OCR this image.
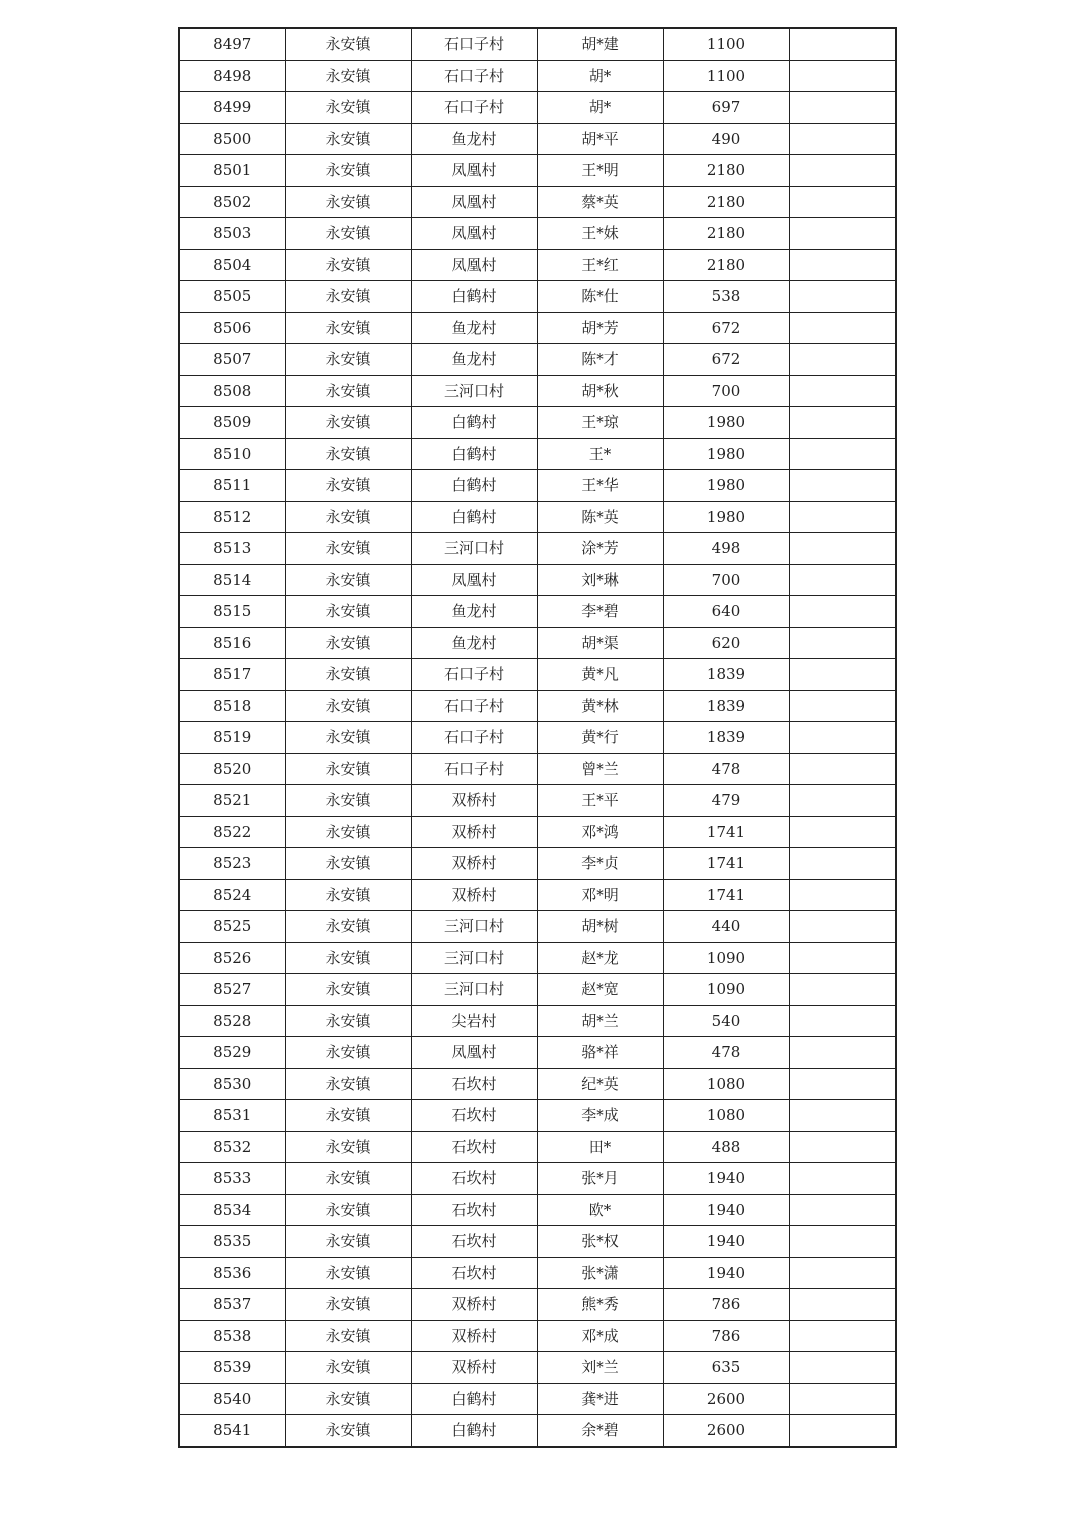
8497	永安镇	石口子村	胡*建	1100	
8498	永安镇	石口子村	胡*	1100	
8499	永安镇	石口子村	胡*	697	
8500	永安镇	鱼龙村	胡*平	490	
8501	永安镇	凤凰村	王*明	2180	
8502	永安镇	凤凰村	蔡*英	2180	
8503	永安镇	凤凰村	王*妹	2180	
8504	永安镇	凤凰村	王*红	2180	
8505	永安镇	白鹤村	陈*仕	538	
8506	永安镇	鱼龙村	胡*芳	672	
8507	永安镇	鱼龙村	陈*才	672	
8508	永安镇	三河口村	胡*秋	700	
8509	永安镇	白鹤村	王*琼	1980	
8510	永安镇	白鹤村	王*	1980	
8511	永安镇	白鹤村	王*华	1980	
8512	永安镇	白鹤村	陈*英	1980	
8513	永安镇	三河口村	涂*芳	498	
8514	永安镇	凤凰村	刘*琳	700	
8515	永安镇	鱼龙村	李*碧	640	
8516	永安镇	鱼龙村	胡*渠	620	
8517	永安镇	石口子村	黄*凡	1839	
8518	永安镇	石口子村	黄*林	1839	
8519	永安镇	石口子村	黄*行	1839	
8520	永安镇	石口子村	曾*兰	478	
8521	永安镇	双桥村	王*平	479	
8522	永安镇	双桥村	邓*鸿	1741	
8523	永安镇	双桥村	李*贞	1741	
8524	永安镇	双桥村	邓*明	1741	
8525	永安镇	三河口村	胡*树	440	
8526	永安镇	三河口村	赵*龙	1090	
8527	永安镇	三河口村	赵*宽	1090	
8528	永安镇	尖岩村	胡*兰	540	
8529	永安镇	凤凰村	骆*祥	478	
8530	永安镇	石坎村	纪*英	1080	
8531	永安镇	石坎村	李*成	1080	
8532	永安镇	石坎村	田*	488	
8533	永安镇	石坎村	张*月	1940	
8534	永安镇	石坎村	欧*	1940	
8535	永安镇	石坎村	张*权	1940	
8536	永安镇	石坎村	张*潇	1940	
8537	永安镇	双桥村	熊*秀	786	
8538	永安镇	双桥村	邓*成	786	
8539	永安镇	双桥村	刘*兰	635	
8540	永安镇	白鹤村	龚*进	2600	
8541	永安镇	白鹤村	余*碧	2600	
